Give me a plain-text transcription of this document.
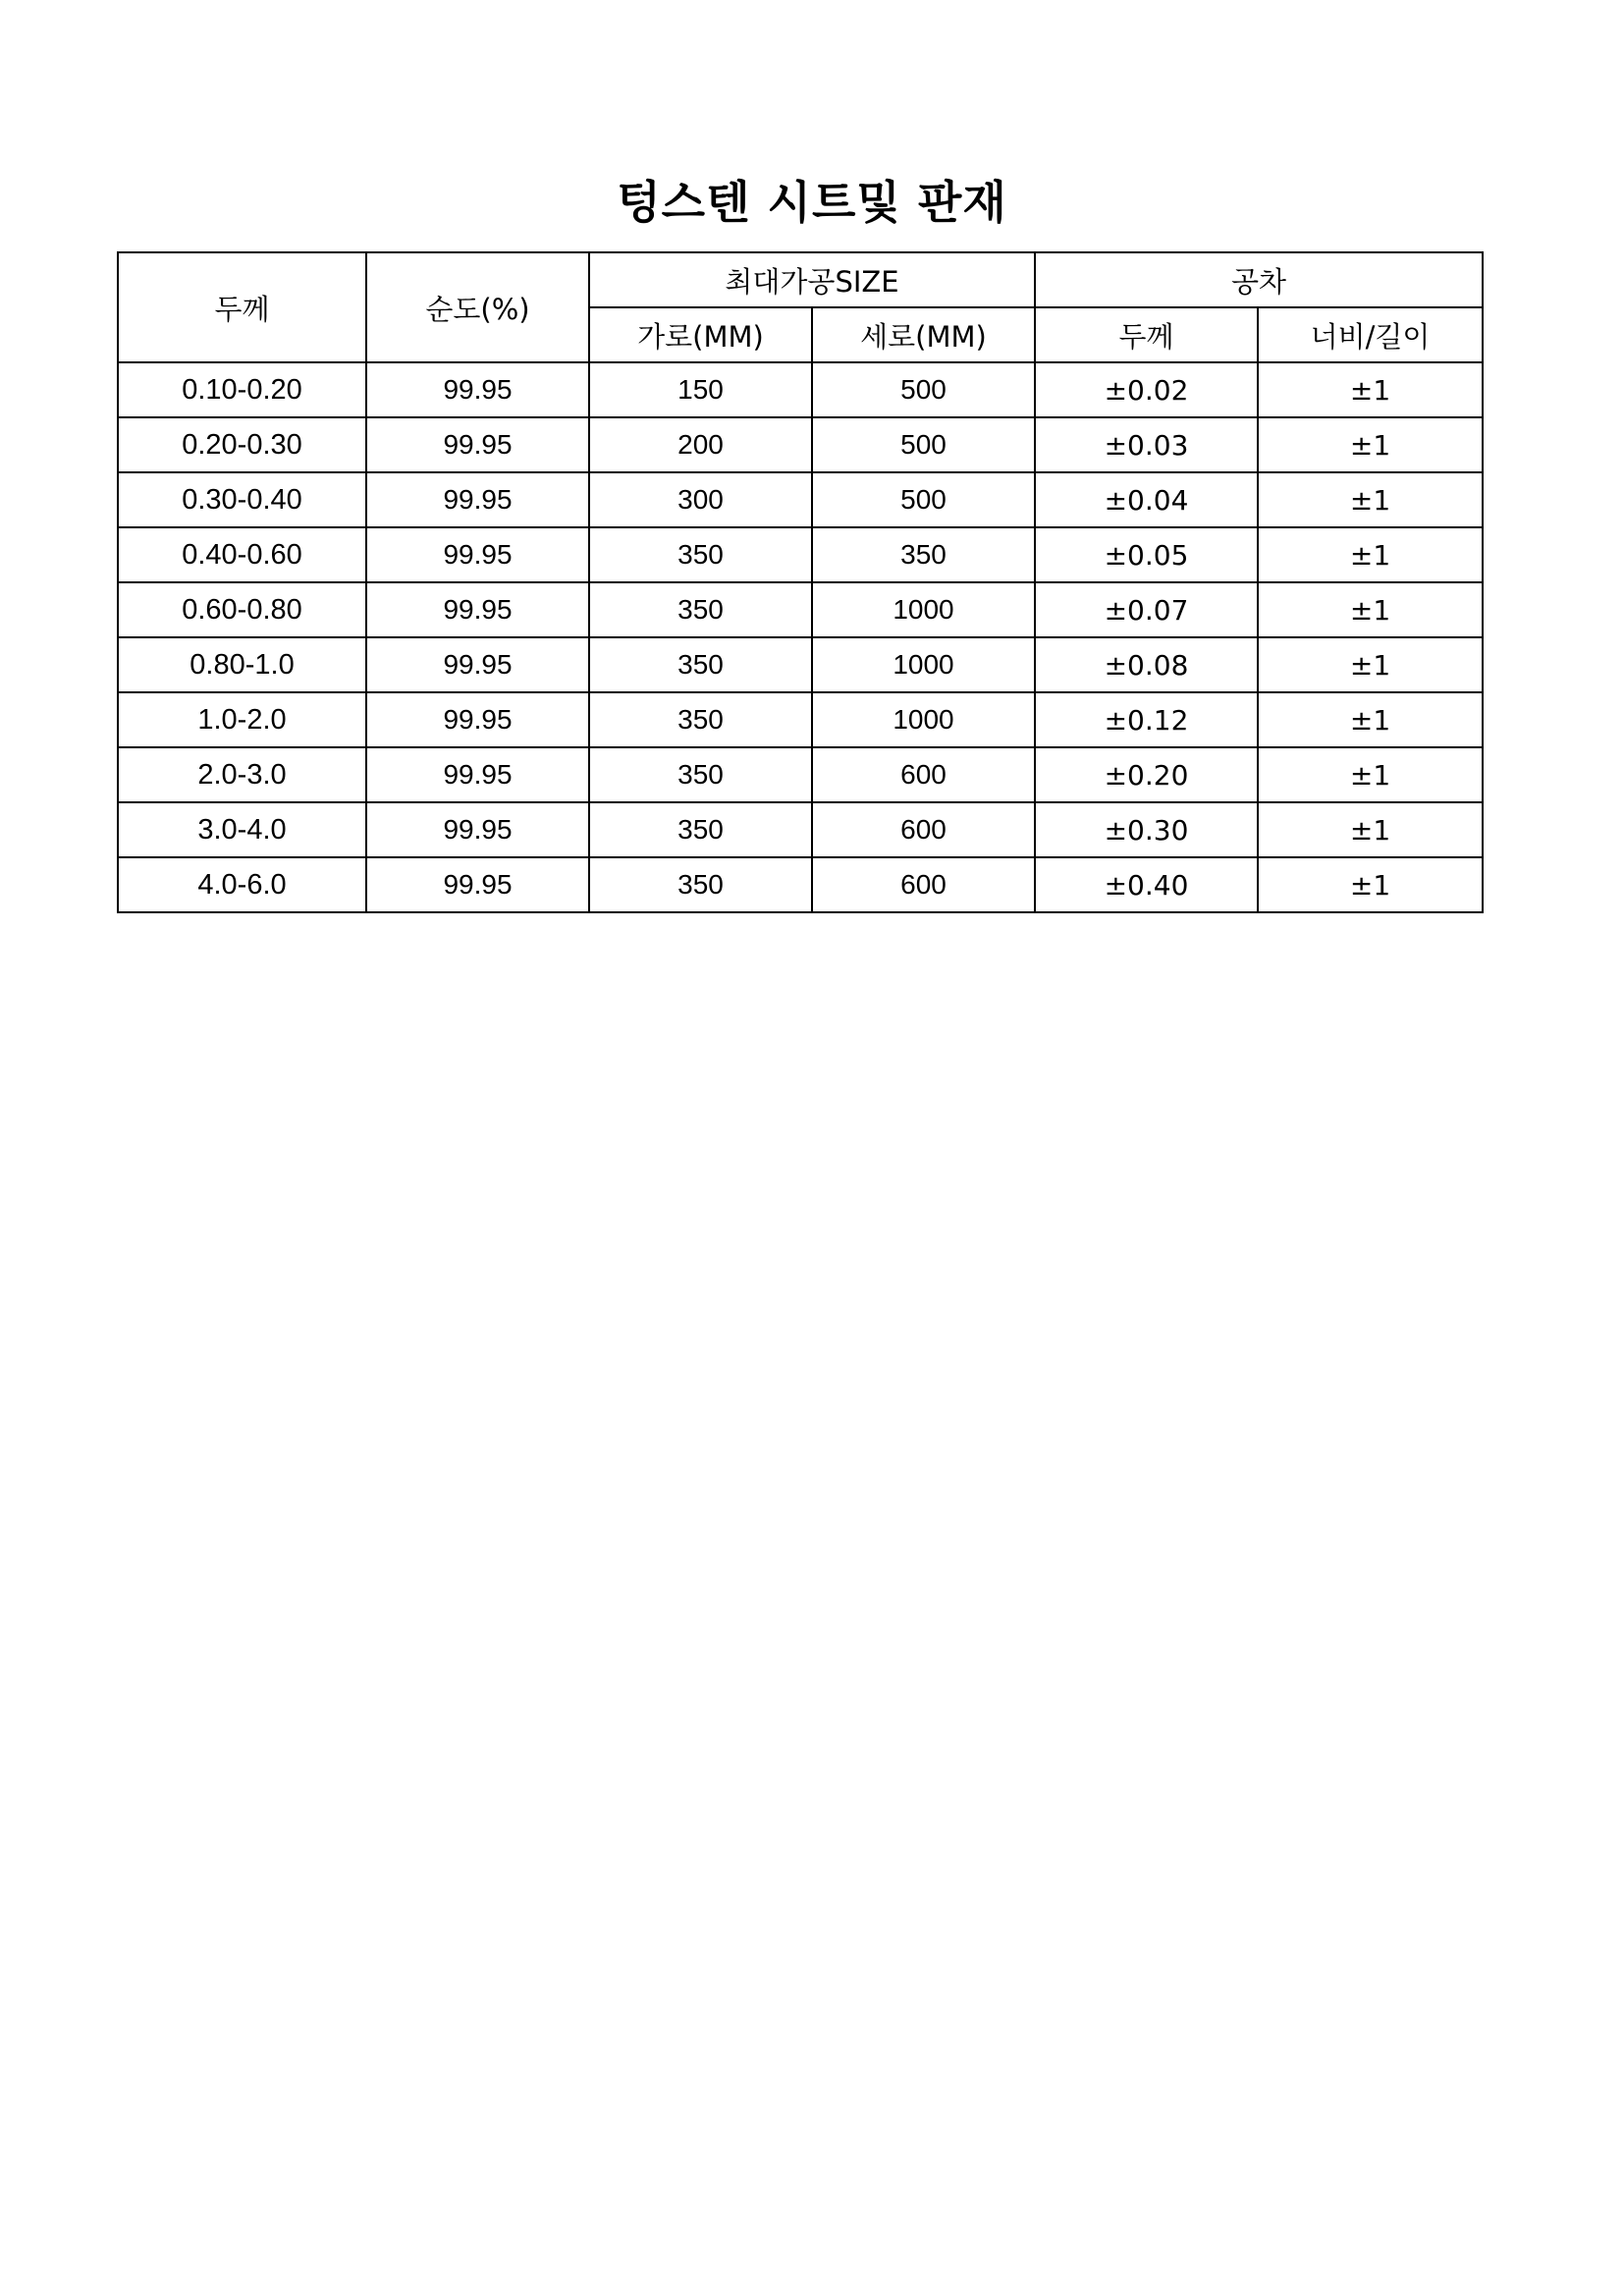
텅스텐 시트및 판재
두께	순도(%)	최대가공SIZE		공차	
		가로(MM)	세로(MM)	두께	너비/길이
0.10-0.20	99.95	150	500	±0.02	±1
0.20-0.30	99.95	200	500	±0.03	±1
0.30-0.40	99.95	300	500	±0.04	±1
0.40-0.60	99.95	350	350	±0.05	±1
0.60-0.80	99.95	350	1000	±0.07	±1
0.80-1.0	99.95	350	1000	±0.08	±1
1.0-2.0	99.95	350	1000	±0.12	±1
2.0-3.0	99.95	350	600	±0.20	±1
3.0-4.0	99.95	350	600	±0.30	±1
4.0-6.0	99.95	350	600	±0.40	±1
